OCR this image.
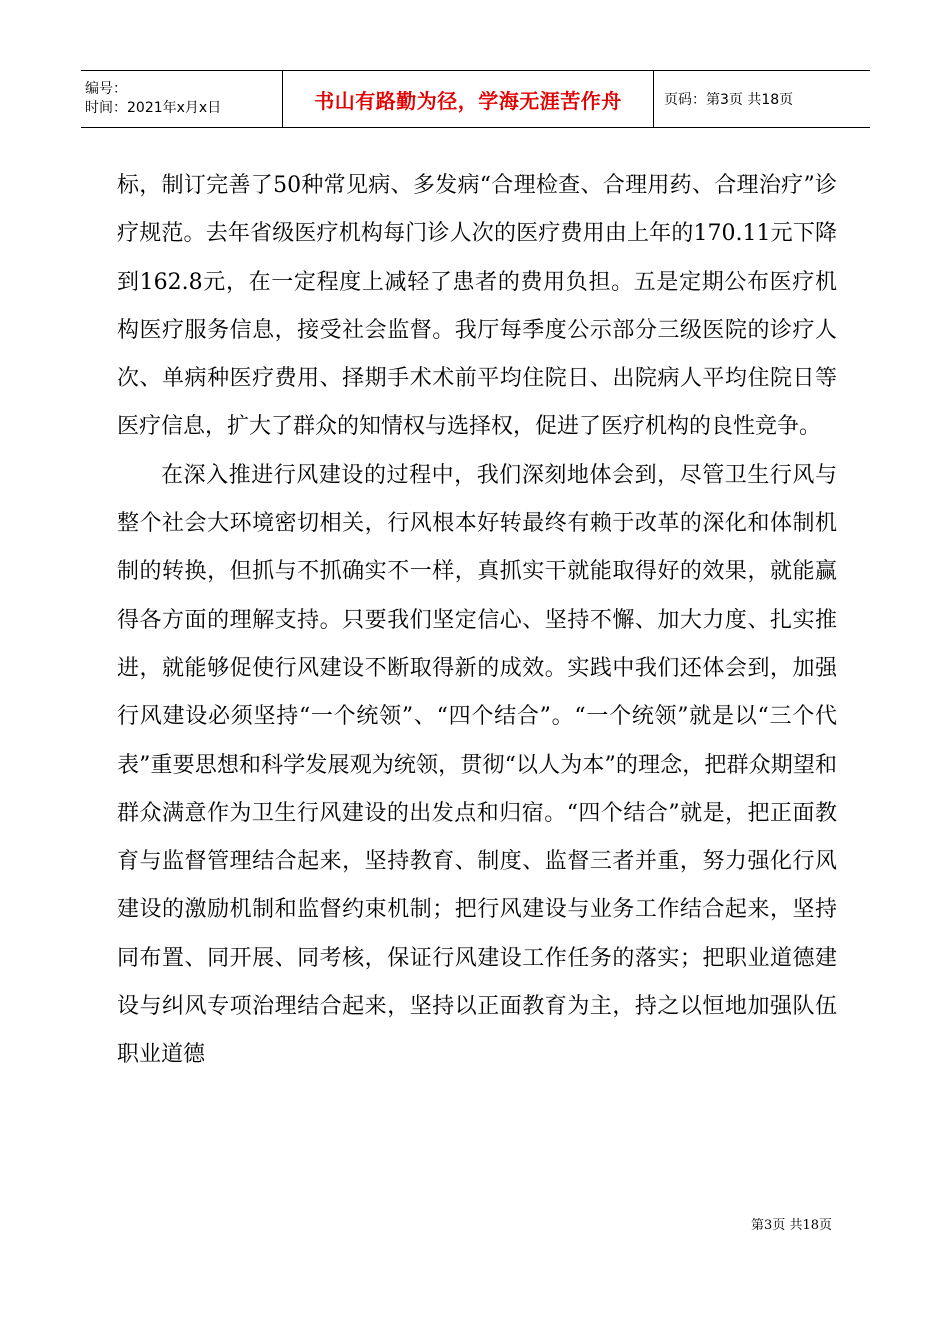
编号：
时间：2021年x月x日	书山有路勤为径，学海无涯苦作舟	页码：第3页 共18页

标，制订完善了50种常见病、多发病“合理检查、合理用药、合理治疗”诊疗规范。去年省级医疗机构每门诊人次的医疗费用由上年的170.11元下降到162.8元，在一定程度上减轻了患者的费用负担。五是定期公布医疗机构医疗服务信息，接受社会监督。我厅每季度公示部分三级医院的诊疗人次、单病种医疗费用、择期手术术前平均住院日、出院病人平均住院日等医疗信息，扩大了群众的知情权与选择权，促进了医疗机构的良性竞争。

在深入推进行风建设的过程中，我们深刻地体会到，尽管卫生行风与整个社会大环境密切相关，行风根本好转最终有赖于改革的深化和体制机制的转换，但抓与不抓确实不一样，真抓实干就能取得好的效果，就能赢得各方面的理解支持。只要我们坚定信心、坚持不懈、加大力度、扎实推进，就能够促使行风建设不断取得新的成效。实践中我们还体会到，加强行风建设必须坚持“一个统领”、“四个结合”。“一个统领”就是以“三个代表”重要思想和科学发展观为统领，贯彻“以人为本”的理念，把群众期望和群众满意作为卫生行风建设的出发点和归宿。“四个结合”就是，把正面教育与监督管理结合起来，坚持教育、制度、监督三者并重，努力强化行风建设的激励机制和监督约束机制；把行风建设与业务工作结合起来，坚持同布置、同开展、同考核，保证行风建设工作任务的落实；把职业道德建设与纠风专项治理结合起来，坚持以正面教育为主，持之以恒地加强队伍职业道德

第3页 共18页
